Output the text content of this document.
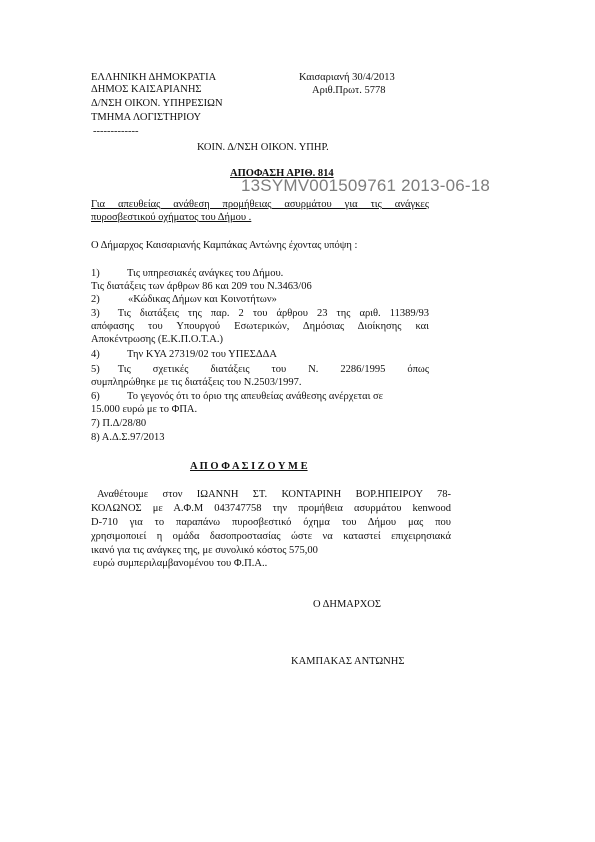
ΕΛΛΗΝΙΚΗ ΔΗΜΟΚΡΑΤΙΑ
ΔΗΜΟΣ ΚΑΙΣΑΡΙΑΝΗΣ
Δ/ΝΣΗ ΟΙΚΟΝ. ΥΠΗΡΕΣΙΩΝ
ΤΜΗΜΑ ΛΟΓΙΣΤΗΡΙΟΥ
-------------
Καισαριανή 30/4/2013
Αριθ.Πρωτ. 5778
ΚΟΙΝ. Δ/ΝΣΗ ΟΙΚΟΝ. ΥΠΗΡ.
ΑΠΟΦΑΣΗ ΑΡΙΘ. 814
13SYMV001509761 2013-06-18
Για απευθείας ανάθεση προμήθειας ασυρμάτου για τις ανάγκες
πυροσβεστικού οχήματος του Δήμου .
Ο Δήμαρχος Καισαριανής Καμπάκας Αντώνης έχοντας υπόψη :
1)	Τις υπηρεσιακές ανάγκες του Δήμου.
Τις διατάξεις των άρθρων 86 και 209 του Ν.3463/06
2)	«Κώδικας Δήμων και Κοινοτήτων»
3) Τις διατάξεις της παρ. 2 του άρθρου 23 της αριθ. 11389/93
απόφασης του Υπουργού Εσωτερικών, Δημόσιας Διοίκησης και
Αποκέντρωσης (Ε.Κ.Π.Ο.Τ.Α.)
4)	Την ΚΥΑ 27319/02 του ΥΠΕΣΔΔΑ
5) Τις σχετικές διατάξεις του Ν. 2286/1995 όπως
συμπληρώθηκε με τις διατάξεις του Ν.2503/1997.
6)	Το γεγονός ότι το όριο της απευθείας ανάθεσης ανέρχεται σε
15.000 ευρώ με το ΦΠΑ.
7) Π.Δ/28/80
8) Α.Δ.Σ.97/2013
Α Π Ο Φ Α Σ Ι Ζ Ο Υ Μ Ε
Αναθέτουμε στον ΙΩΑΝΝΗ ΣΤ. ΚΟΝΤΑΡΙΝΗ ΒΟΡ.ΗΠΕΙΡΟΥ 78-
ΚΟΛΩΝΟΣ με Α.Φ.Μ 043747758 την προμήθεια ασυρμάτου kenwood
D-710 για το παραπάνω πυροσβεστικό όχημα του Δήμου μας που
χρησιμοποιεί η ομάδα δασοπροστασίας ώστε να καταστεί επιχειρησιακά
ικανό για τις ανάγκες της, με συνολικό κόστος 575,00
ευρώ συμπεριλαμβανομένου του Φ.Π.Α..
Ο ΔΗΜΑΡΧΟΣ
ΚΑΜΠΑΚΑΣ ΑΝΤΩΝΗΣ
